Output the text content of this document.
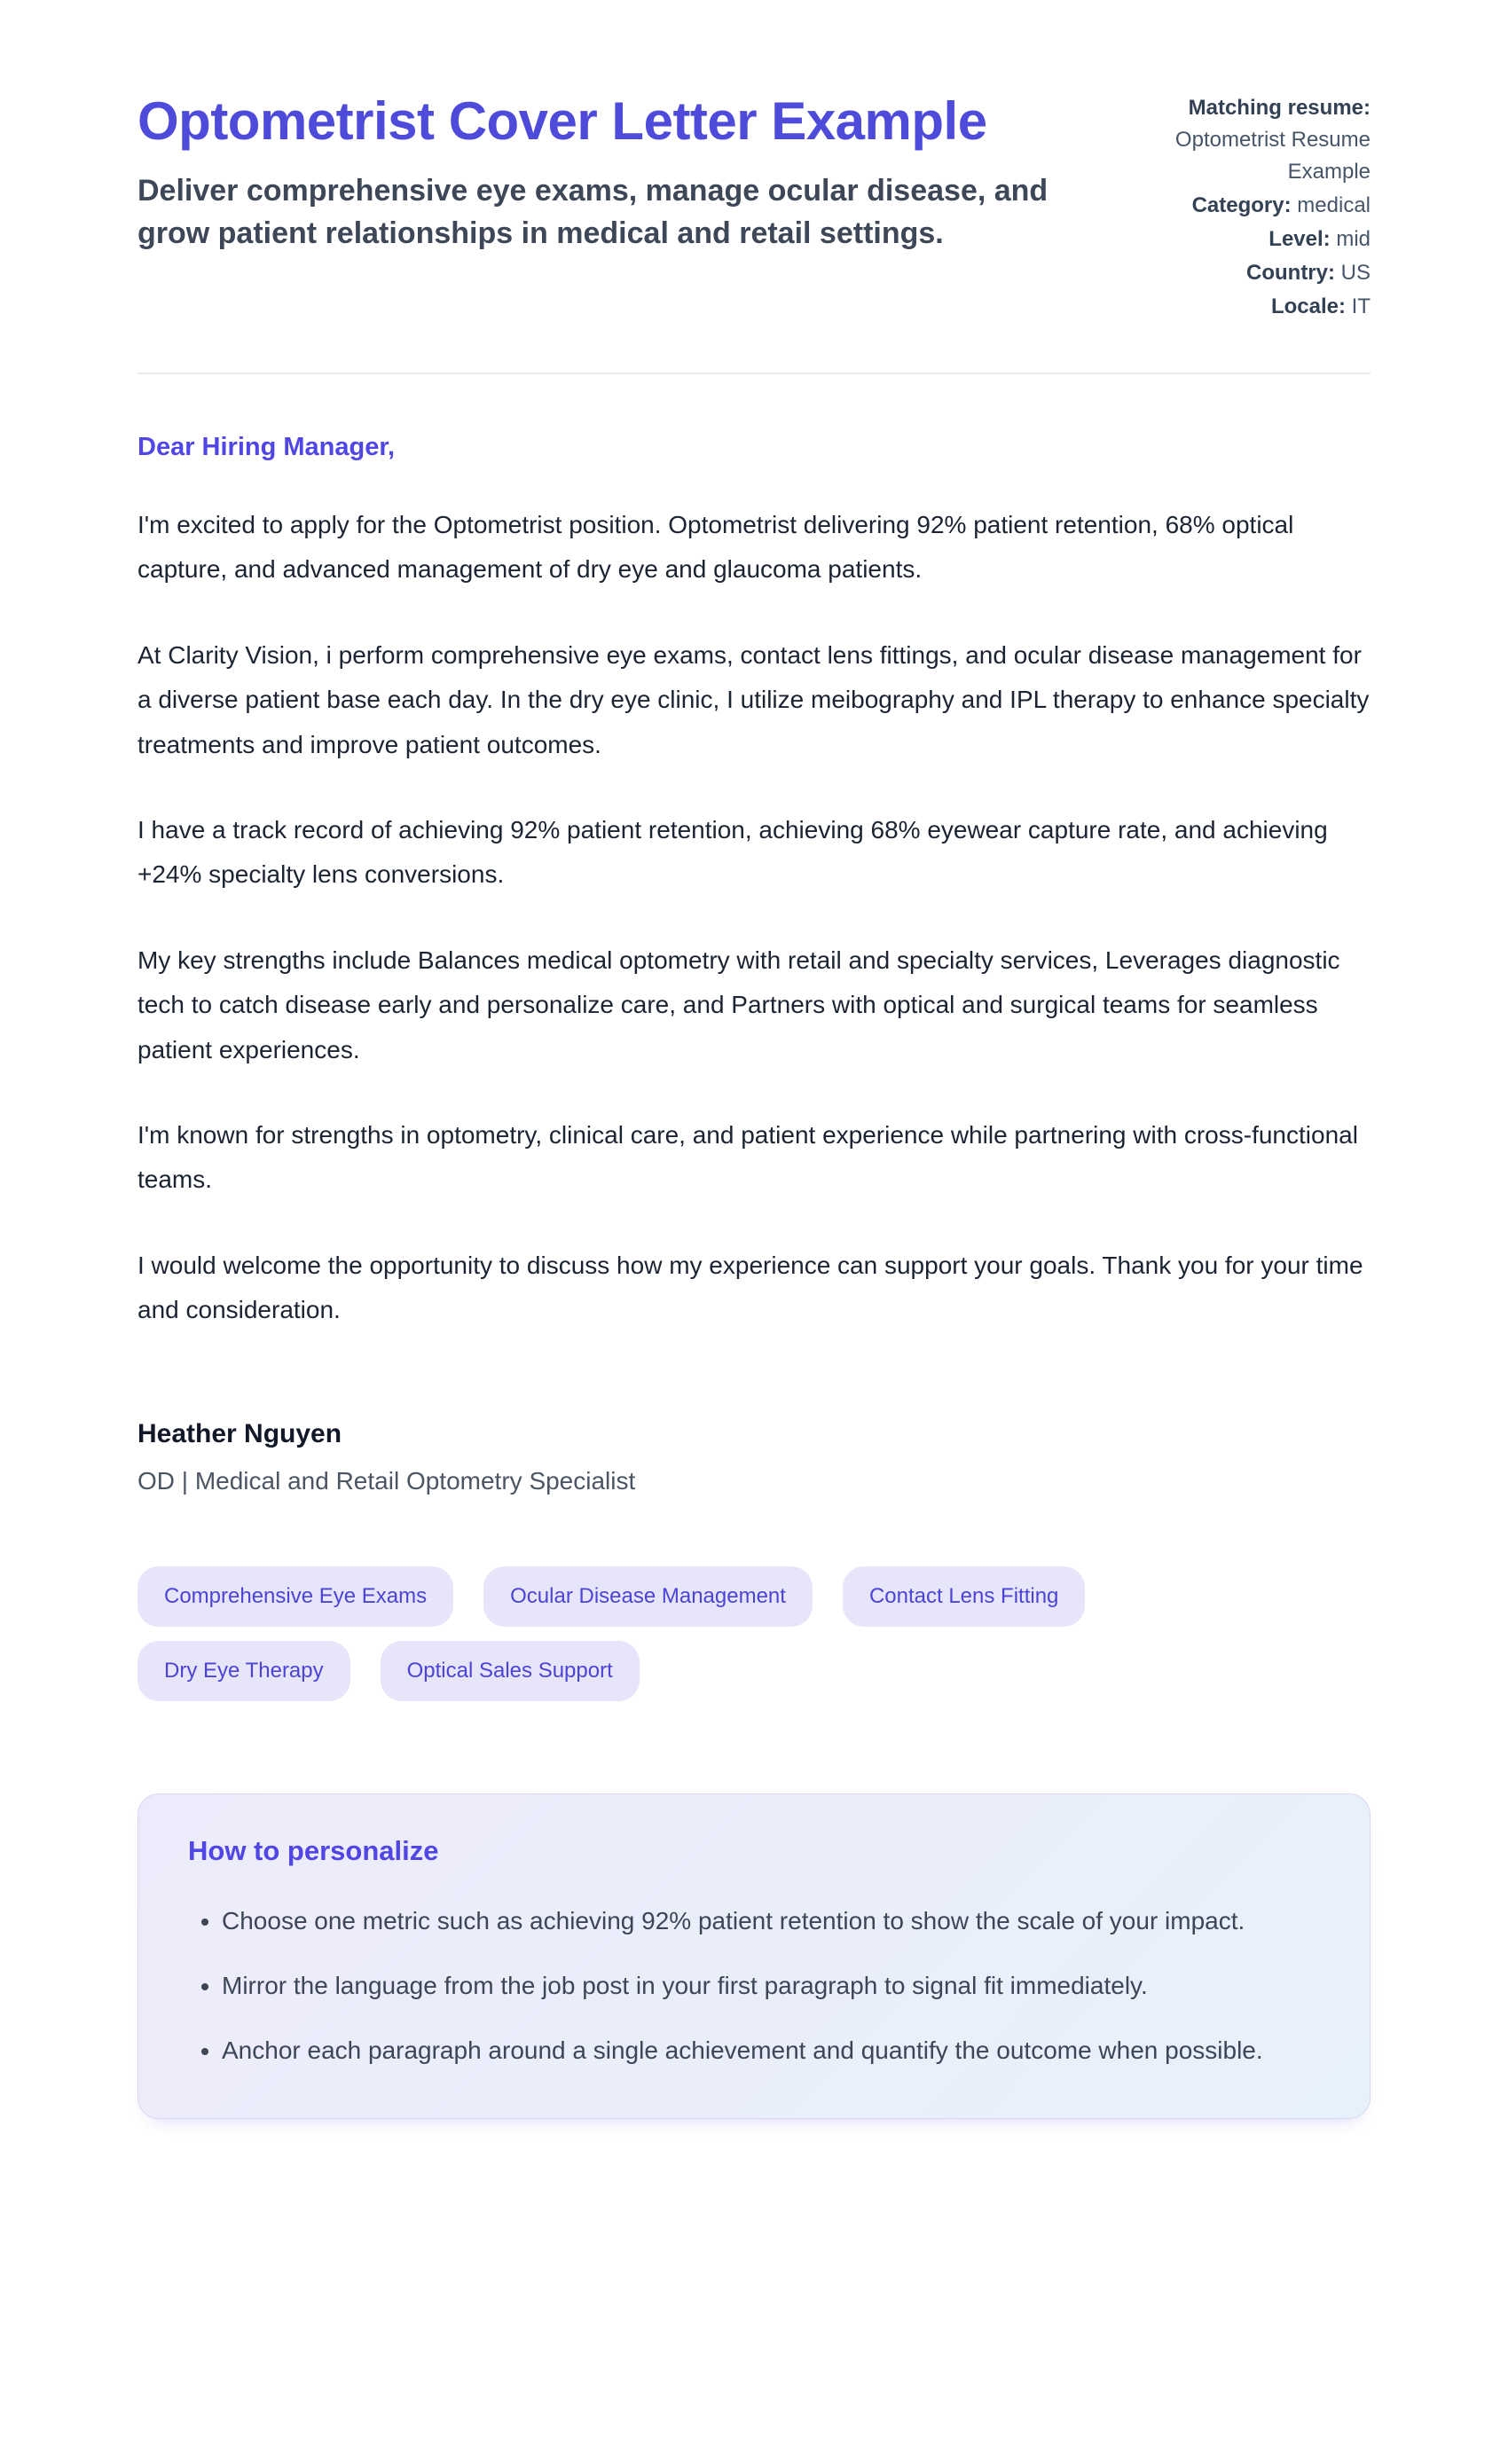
Optometrist Cover Letter Example

Deliver comprehensive eye exams, manage ocular disease, and grow patient relationships in medical and retail settings.

Matching resume: Optometrist Resume Example

Category: medical

Level: mid

Country: US

Locale: IT

Dear Hiring Manager,

I'm excited to apply for the Optometrist position. Optometrist delivering 92% patient retention, 68% optical capture, and advanced management of dry eye and glaucoma patients.

At Clarity Vision, i perform comprehensive eye exams, contact lens fittings, and ocular disease management for a diverse patient base each day. In the dry eye clinic, I utilize meibography and IPL therapy to enhance specialty treatments and improve patient outcomes.

I have a track record of achieving 92% patient retention, achieving 68% eyewear capture rate, and achieving +24% specialty lens conversions.

My key strengths include Balances medical optometry with retail and specialty services, Leverages diagnostic tech to catch disease early and personalize care, and Partners with optical and surgical teams for seamless patient experiences.

I'm known for strengths in optometry, clinical care, and patient experience while partnering with cross-functional teams.

I would welcome the opportunity to discuss how my experience can support your goals. Thank you for your time and consideration.

Heather Nguyen

OD | Medical and Retail Optometry Specialist

Comprehensive Eye Exams	Ocular Disease Management	Contact Lens Fitting
Dry Eye Therapy	Optical Sales Support
How to personalize
• Choose one metric such as achieving 92% patient retention to show the scale of your impact.
• Mirror the language from the job post in your first paragraph to signal fit immediately.
• Anchor each paragraph around a single achievement and quantify the outcome when possible.
